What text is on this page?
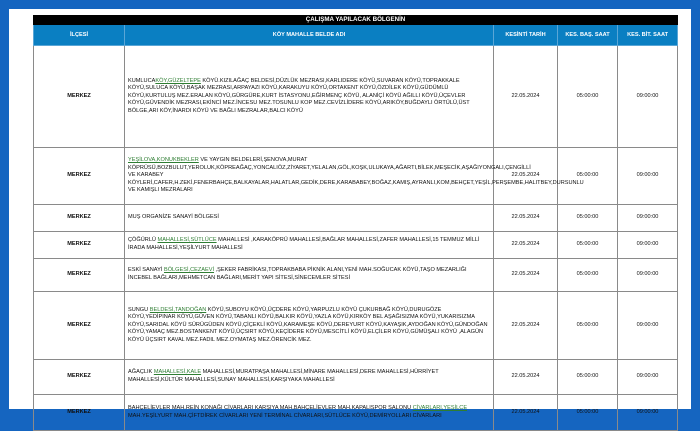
ÇALIŞMA YAPILACAK BÖLGENİN				
İLÇESİ	KÖY MAHALLE BELDE ADI	KESİNTİ TARİH	KES. BAŞ. SAAT	KES. BİT. SAAT
MERKEZ	KUMLUCAKÖY,GÜZELTEPE KÖYÜ.KIZILAĞAÇ BELDESİ,DÜZLÜK MEZRASI,KARLIDERE KÖYÜ,SUVARAN KÖYÜ,TOPRAKKALE KÖYÜ,SULUCA KÖYÜ,BAŞAK MEZRASI,ARPAYAZI KÖYÜ,KARAKUYU KÖYÜ,ORTAKENT KÖYÜ,ÖZDİLEK KÖYÜ,GÜDÜMLÜ KÖYÜ,KURTULUŞ MEZ.ERALAN KÖYÜ,GÜRGÜRE,KURT İSTASYONU,EĞİRMENÇ KÖYÜ, ALANİÇİ KÖYÜ AĞILLI KÖYÜ,ÜÇEVLER KÖYÜ,GÜVENDİK MEZRASI,EKİNCİ MEZ.İNCESU MEZ.TOSUNLU KOP MEZ.CEVİZLİDERE KÖYÜ,ARIKÖY,BUĞDAYLI ÖRTÜLÜ,ÜST BÖLGE,ARI KÖY,İNARDI KÖYÜ VE BAĞLI MEZRALAR,BALCI KÖYÜ	22.05.2024	05:00:00	09:00:00
MERKEZ	YEŞİLOVA,KONUKBEKLER VE YAYGIN BELDELERİ,ŞENOVA,MURAT KÖPRÜSÜ,BOZBULUT,YEROLUK,KÖPREAĞAÇ,YONCALIÖZ,ZİYARET,YELALAN,GÖL,KOŞK,ULUKAYA,AĞARTI,BİLEK,MEŞECİK,AŞAĞIYONGALI,ÇENGİLLİ VE KARABEY KÖYLERİ,CAFER,H.ZEKİ,FENERBAHÇE,BALKAYALAR,HALATLAR,GEDİK,DERE,KARABABEY,BOĞAZ,KAMIŞ,AYRANLI,KOM,BEHÇET,YEŞİL,PERŞEMBE,HALITBEY,DURSUNLU VE KAMIŞLI MEZRALARI	22.05.2024	05:00:00	09:00:00
MERKEZ	MUŞ ORGANİZE SANAYİ BÖLGESİ	22.05.2024	05:00:00	09:00:00
MERKEZ	ÇÖĞÜRLÜ MAHALLESİ,SÜTLÜCE MAHALLESİ ,KARAKÖPRÜ MAHALLESİ,BAĞLAR MAHALLESİ,ZAFER MAHALLESİ,15 TEMMUZ MİLLİ İRADA MAHALLESİ,YEŞİLYURT MAHALLESİ	22.05.2024	05:00:00	09:00:00
MERKEZ	ESKİ SANAYİ BÖLGESİ,CEZAEVİ ,ŞEKER FABRİKASI,TOPRAKBABA PİKNİK ALANI,YENİ MAH.SOĞUCAK KÖYÜ,TAŞO MEZARLIĞI İNCEBEL BAĞLARI,MEHMETCAN BAĞLARI,MERİT YAPI SİTESİ,SİNECEMLER SİTESİ	22.05.2024	05:00:00	09:00:00
MERKEZ	SUNGU BELDESİ,TANDOĞAN KÖYÜ,SUBOYU KÖYÜ,ÜÇDERE KÖYÜ,YARPUZLU KÖYÜ ÇUKURBAĞ KÖYÜ,DURUGÖZE KÖYÜ,YEDİPINAR KÖYÜ,GÜVEN KÖYÜ,TABANLI KÖYÜ,BALKIR KÖYÜ,YAZLA KÖYÜ,KIRKÖY BEL AŞAĞISIZMA KÖYÜ,YUKARISIZMA KÖYÜ,SARIDAL KÖYÜ SÜRÜGÜDEN KÖYÜ,ÇİÇEKLİ KÖYÜ,KARAMEŞE KÖYÜ,DEREYURT KÖYÜ,KAYAŞIK,AYDOĞAN KÖYÜ,GÜNDOĞAN KÖYÜ,YAMAÇ MEZ.BOSTANKENT KÖYÜ,ÜÇSIRT KÖYÜ,KEÇİDERE KÖYÜ,MESCİTLİ KÖYÜ,ELÇİLER KÖYÜ,GÜMÜŞALI KÖYÜ ,ALAGÜN KÖYÜ ÜÇSIRT KAVAL MEZ.FADIL MEZ.OYMATAŞ MEZ.ÖRENCİK MEZ.	22.05.2024	05:00:00	09:00:00
MERKEZ	AĞAÇLIK MAHALLESİ,KALE MAHALLESİ,MURATPAŞA MAHALLESİ,MİNARE MAHALLESİ,DERE MAHALLESİ,HÜRRİYET MAHALLESİ,KÜLTÜR MAHALLESİ,SUNAY MAHALLESİ,KARŞIYAKA MAHALLESİ	22.05.2024	05:00:00	09:00:00
MERKEZ	BAHÇELİEVLER MAH.REİN KONAĞI CİVARLARI KARŞIYA MAH,BAHÇELİEVLER MAH.KAPALISPOR SALONU CİVARLARI,YEŞİLCE MAH.YEŞİLYURT MAH.ÇİFTDİREK CİVARLARI YENİ TERMİNAL CİVARLARI,SÜTLÜCE KÖYÜ,DEMİRYOLLARI CİVARLARI	22.05.2024	05:00:00	09:00:00
